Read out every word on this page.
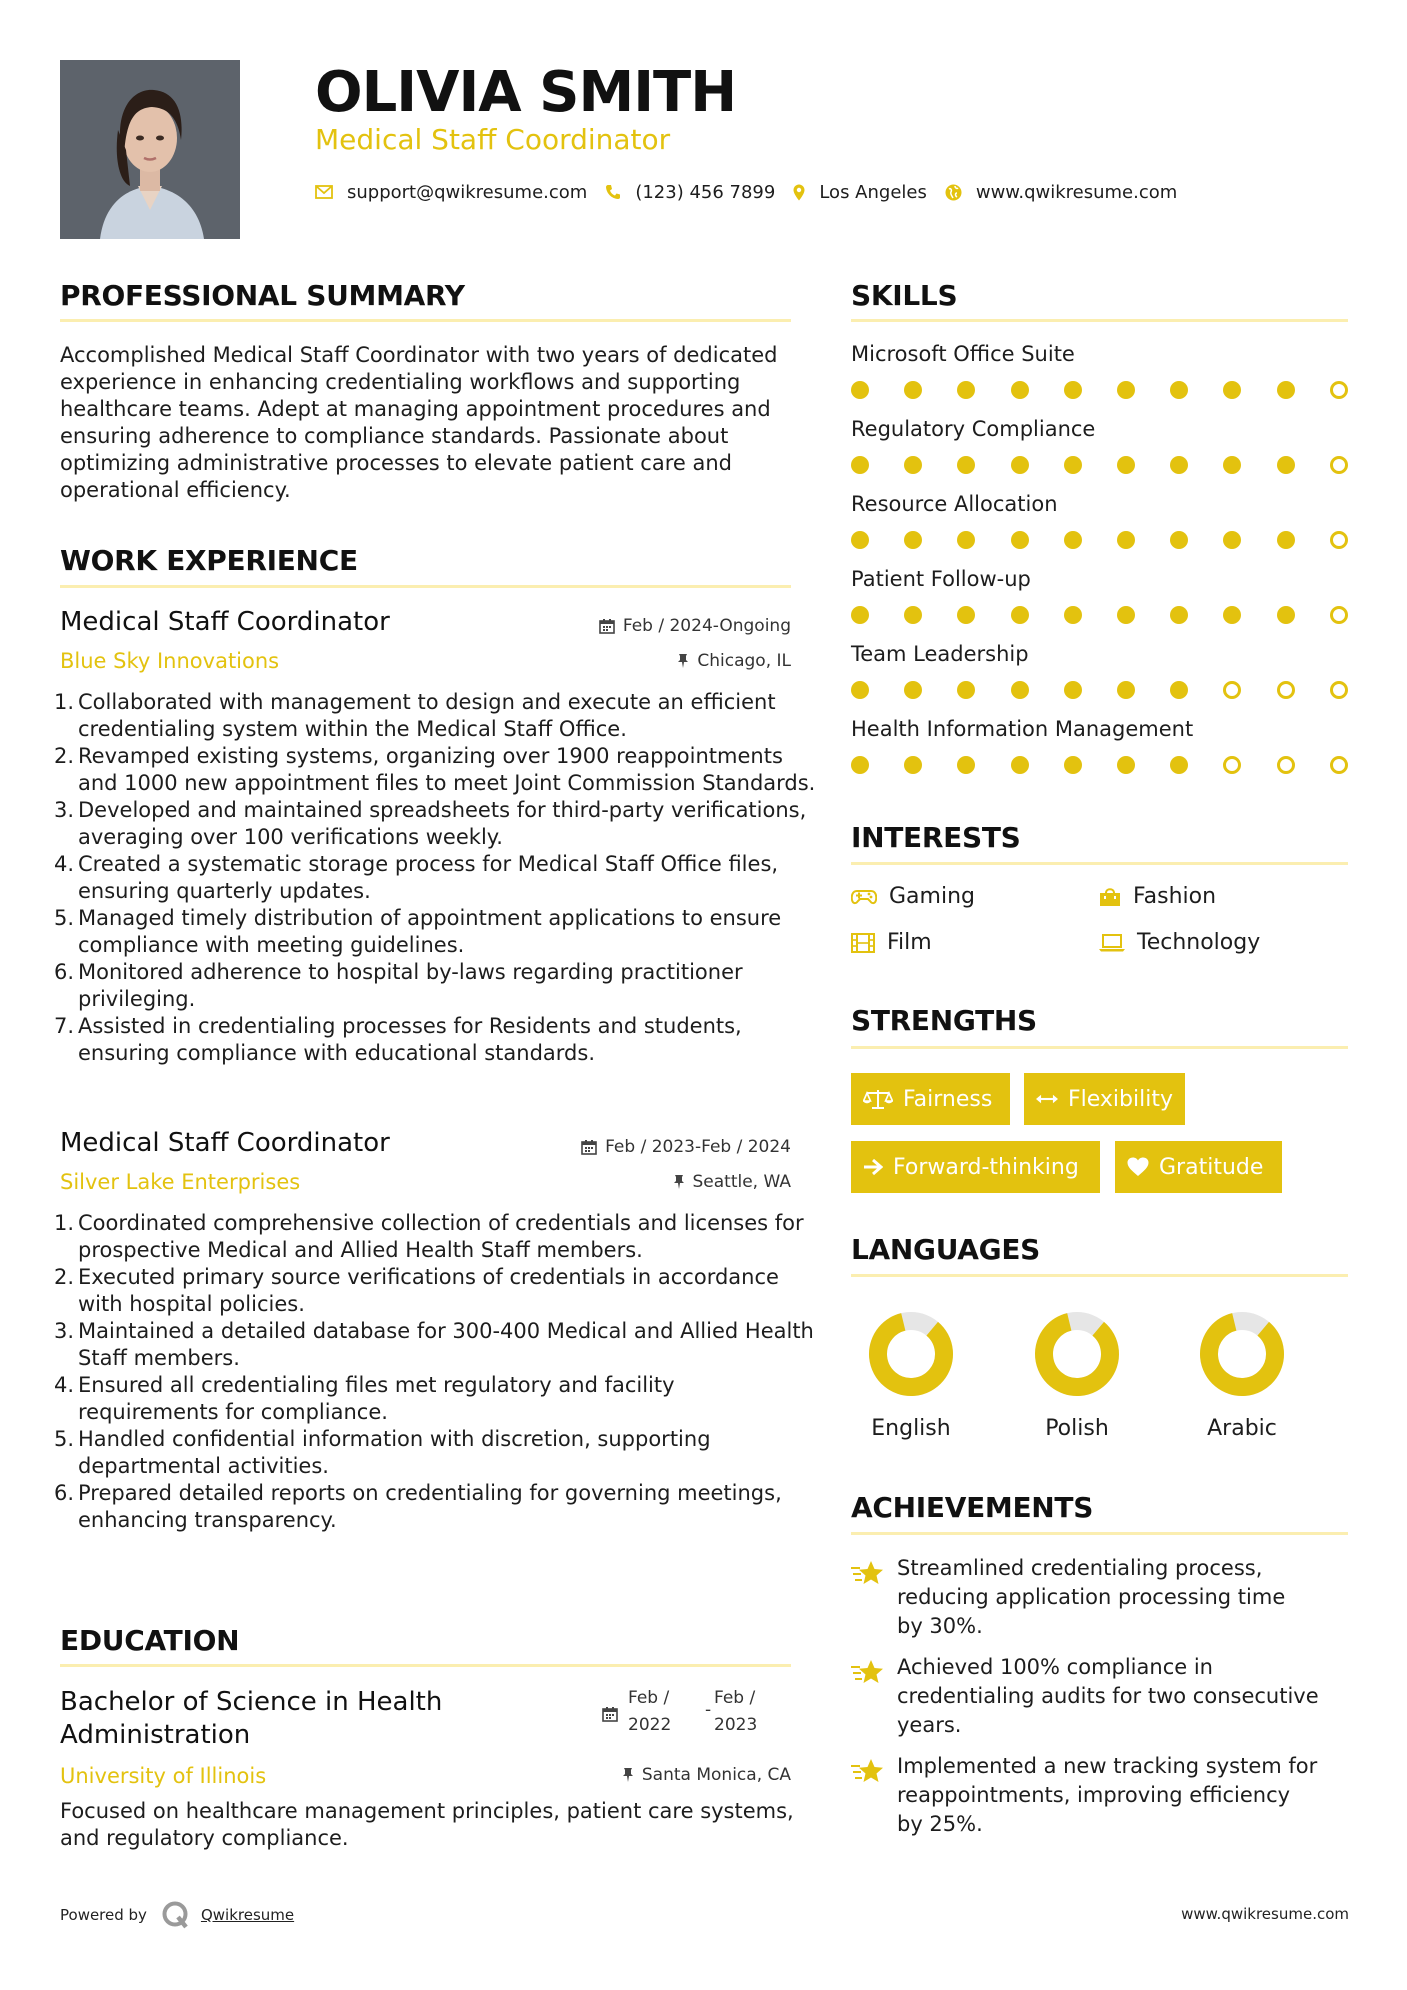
OLIVIA SMITH
Medical Staff Coordinator
support@qwikresume.com	(123) 456 7899 Los Angeles	www.qwikresume.com
PROFESSIONAL SUMMARY
Accomplished Medical Staff Coordinator with two years of dedicated experience in enhancing credentialing workflows and supporting healthcare teams. Adept at managing appointment procedures and ensuring adherence to compliance standards. Passionate about optimizing administrative processes to elevate patient care and operational efficiency.
WORK EXPERIENCE
Medical Staff Coordinator	Feb / 2024-Ongoing
Blue Sky Innovations	Chicago, IL
Collaborated with management to design and execute an efficient credentialing system within the Medical Staff Office.
Revamped existing systems, organizing over 1900 reappointments and 1000 new appointment files to meet Joint Commission Standards.
Developed and maintained spreadsheets for third-party verifications, averaging over 100 verifications weekly.
Created a systematic storage process for Medical Staff Office files, ensuring quarterly updates.
Managed timely distribution of appointment applications to ensure compliance with meeting guidelines.
Monitored adherence to hospital by-laws regarding practitioner privileging.
Assisted in credentialing processes for Residents and students, ensuring compliance with educational standards.
Medical Staff Coordinator	Feb / 2023-Feb / 2024
Silver Lake Enterprises	Seattle, WA
Coordinated comprehensive collection of credentials and licenses for prospective Medical and Allied Health Staff members.
Executed primary source verifications of credentials in accordance with hospital policies.
Maintained a detailed database for 300-400 Medical and Allied Health Staff members.
Ensured all credentialing files met regulatory and facility requirements for compliance.
Handled confidential information with discretion, supporting departmental activities.
Prepared detailed reports on credentialing for governing meetings, enhancing transparency.
EDUCATION
Bachelor of Science in Health
Administration
Feb /
2022
-
Feb /
2023
University of Illinois	Santa Monica, CA
Focused on healthcare management principles, patient care systems, and regulatory compliance.
SKILLS
Microsoft Office Suite
Regulatory Compliance
Resource Allocation
Patient Follow-up
Team Leadership
Health Information Management
INTERESTS
Gaming	Fashion
Film	Technology
STRENGTHS
Fairness	Flexibility
Forward-thinking	Gratitude
LANGUAGES
English	Polish	Arabic
ACHIEVEMENTS
Streamlined credentialing process,
reducing application processing time
by 30%.
Achieved 100% compliance in
credentialing audits for two consecutive
years.
Implemented a new tracking system for
reappointments, improving efficiency
by 25%.
Powered by	Qwikresume	www.qwikresume.com
